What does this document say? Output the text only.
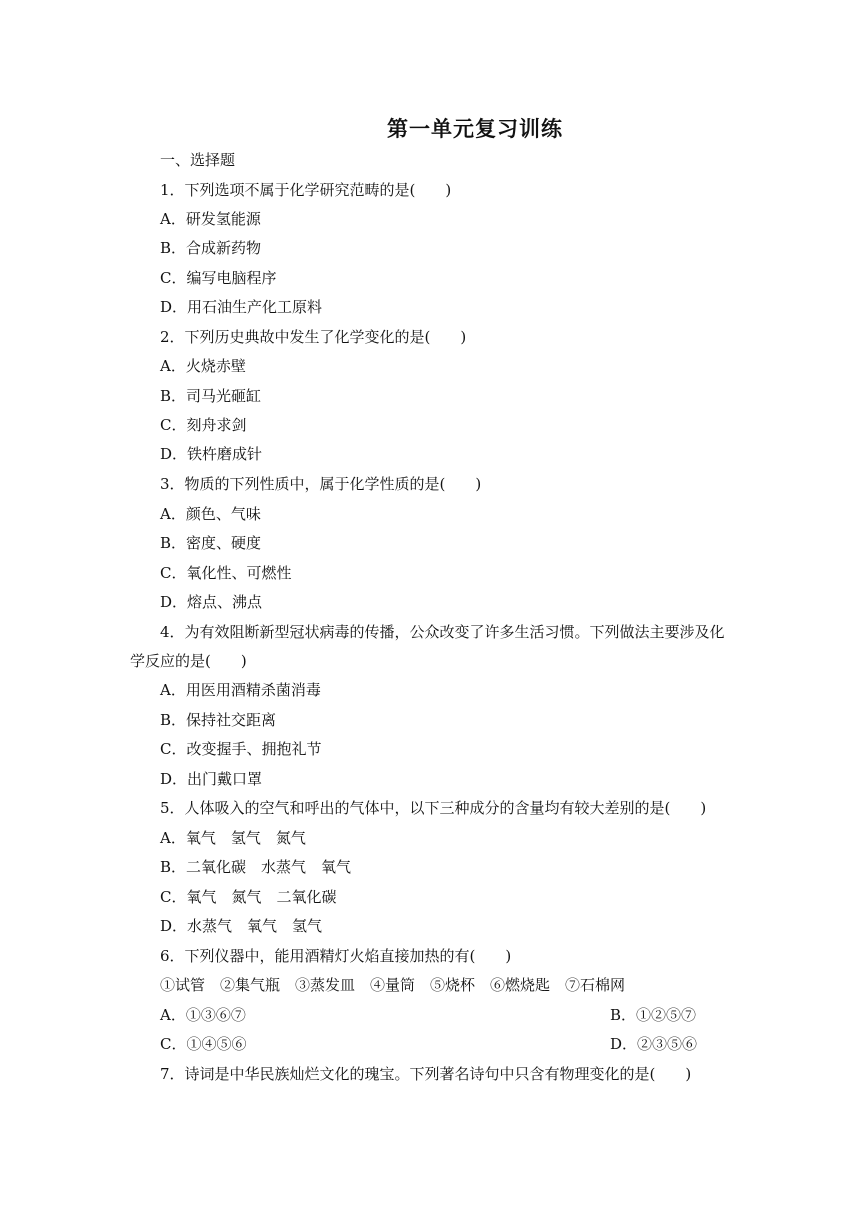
第一单元复习训练
一、选择题
1．下列选项不属于化学研究范畴的是(　　)
A．研发氢能源
B．合成新药物
C．编写电脑程序
D．用石油生产化工原料
2．下列历史典故中发生了化学变化的是(　　)
A．火烧赤壁
B．司马光砸缸
C．刻舟求剑
D．铁杵磨成针
3．物质的下列性质中，属于化学性质的是(　　)
A．颜色、气味
B．密度、硬度
C．氧化性、可燃性
D．熔点、沸点
4．为有效阻断新型冠状病毒的传播，公众改变了许多生活习惯。下列做法主要涉及化
学反应的是(　　)
A．用医用酒精杀菌消毒
B．保持社交距离
C．改变握手、拥抱礼节
D．出门戴口罩
5．人体吸入的空气和呼出的气体中，以下三种成分的含量均有较大差别的是(　　)
A．氧气　氢气　氮气
B．二氧化碳　水蒸气　氧气
C．氧气　氮气　二氧化碳
D．水蒸气　氧气　氢气
6．下列仪器中，能用酒精灯火焰直接加热的有(　　)
①试管　②集气瓶　③蒸发皿　④量筒　⑤烧杯　⑥燃烧匙　⑦石棉网
A．①③⑥⑦	B．①②⑤⑦
C．①④⑤⑥	D．②③⑤⑥
7．诗词是中华民族灿烂文化的瑰宝。下列著名诗句中只含有物理变化的是(　　)
